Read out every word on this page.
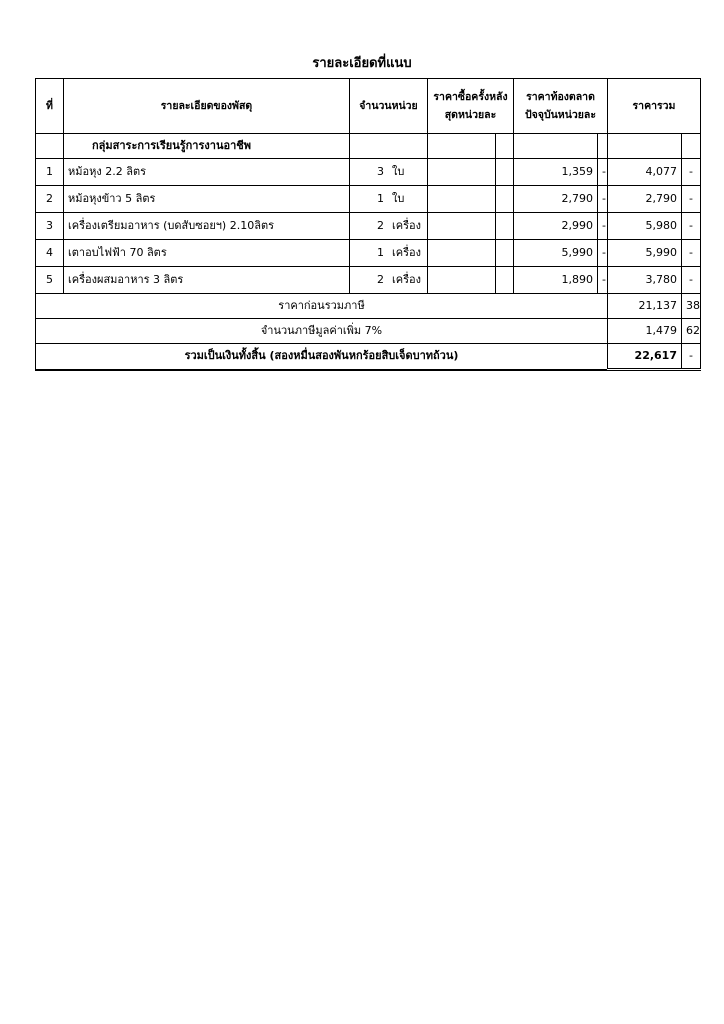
รายละเอียดที่แนบ
ที่	รายละเอียดของพัสดุ	จำนวนหน่วย	ราคาซื้อครั้งหลังสุดหน่วยละ		ราคาท้องตลาดปัจจุบันหน่วยละ		ราคารวม	
	กลุ่มสาระการเรียนรู้การงานอาชีพ							
1	หม้อหุง 2.2 ลิตร	3 ใบ			1,359	-	4,077	-
2	หม้อหุงข้าว 5 ลิตร	1 ใบ			2,790	-	2,790	-
3	เครื่องเตรียมอาหาร (บดสับซอยฯ) 2.10ลิตร	2 เครื่อง			2,990	-	5,980	-
4	เตาอบไฟฟ้า 70 ลิตร	1 เครื่อง			5,990	-	5,990	-
5	เครื่องผสมอาหาร 3 ลิตร	2 เครื่อง			1,890	-	3,780	-
ราคาก่อนรวมภาษี							21,137	38
จำนวนภาษีมูลค่าเพิ่ม 7%							1,479	62
รวมเป็นเงินทั้งสิ้น (สองหมื่นสองพันหกร้อยสิบเจ็ดบาทถ้วน)							22,617	-
